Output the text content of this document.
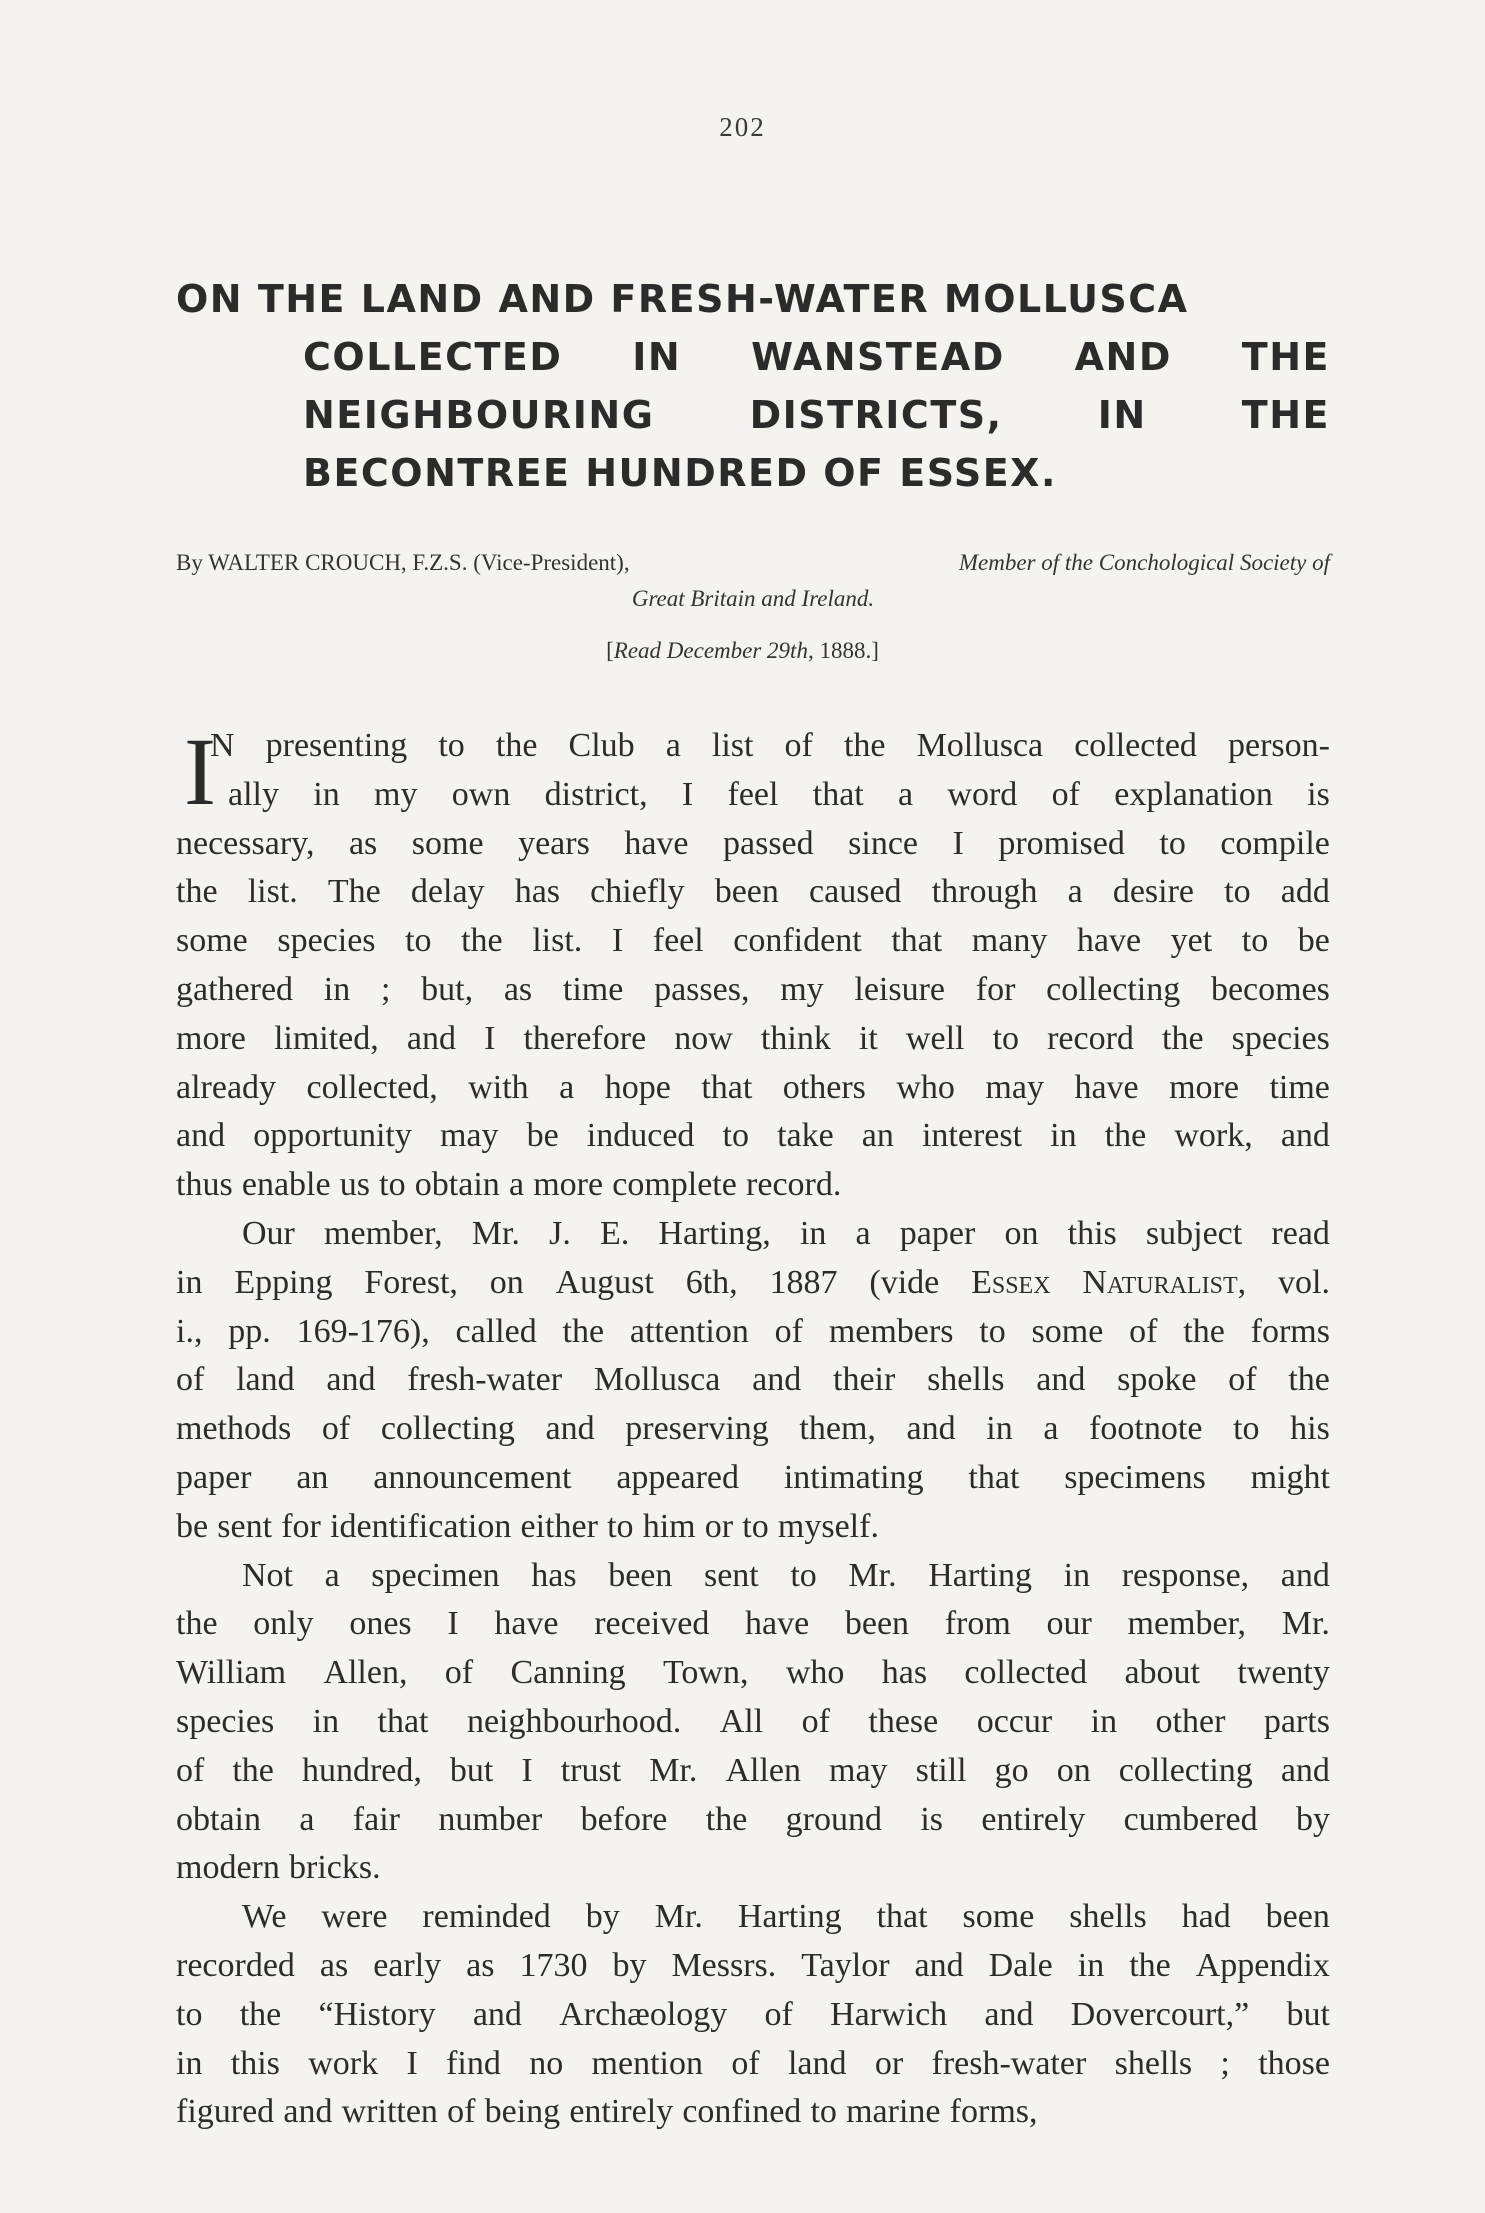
202
ON THE LAND AND FRESH-WATER MOLLUSCA
COLLECTED IN WANSTEAD AND THE
NEIGHBOURING	DISTRICTS,	IN	THE
BECONTREE HUNDRED OF ESSEX.
By WALTER CROUCH, F.Z.S. (Vice-President),	Member of the Conchological Society of
Great Britain and Ireland.
[Read December 29th, 1888.]

I
N presenting to the Club a list of the Mollusca collected person-
ally in my own district, I feel that a word of explanation is
necessary, as some years have passed since I promised to compile
the list. The delay has chiefly been caused through a desire to add
some species to the list. I feel confident that many have yet to be
gathered in ; but, as time passes, my leisure for collecting becomes
more limited, and I therefore now think it well to record the species
already collected, with a hope that others who may have more time
and opportunity may be induced to take an interest in the work, and
thus enable us to obtain a more complete record.

Our member, Mr. J. E. Harting, in a paper on this subject read
in Epping Forest, on August 6th, 1887 (vide Essex Naturalist, vol.
i., pp. 169-176), called the attention of members to some of the forms
of land and fresh-water Mollusca and their shells and spoke of the
methods of collecting and preserving them, and in a footnote to his
paper an announcement appeared intimating that specimens might
be sent for identification either to him or to myself.

Not a specimen has been sent to Mr. Harting in response, and
the only ones I have received have been from our member, Mr.
William Allen, of Canning Town, who has collected about twenty
species in that neighbourhood. All of these occur in other parts
of the hundred, but I trust Mr. Allen may still go on collecting and
obtain a fair number before the ground is entirely cumbered by
modern bricks.

We were reminded by Mr. Harting that some shells had been
recorded as early as 1730 by Messrs. Taylor and Dale in the Appendix
to the “History and Archæology of Harwich and Dovercourt,” but
in this work I find no mention of land or fresh-water shells ; those
figured and written of being entirely confined to marine forms,
